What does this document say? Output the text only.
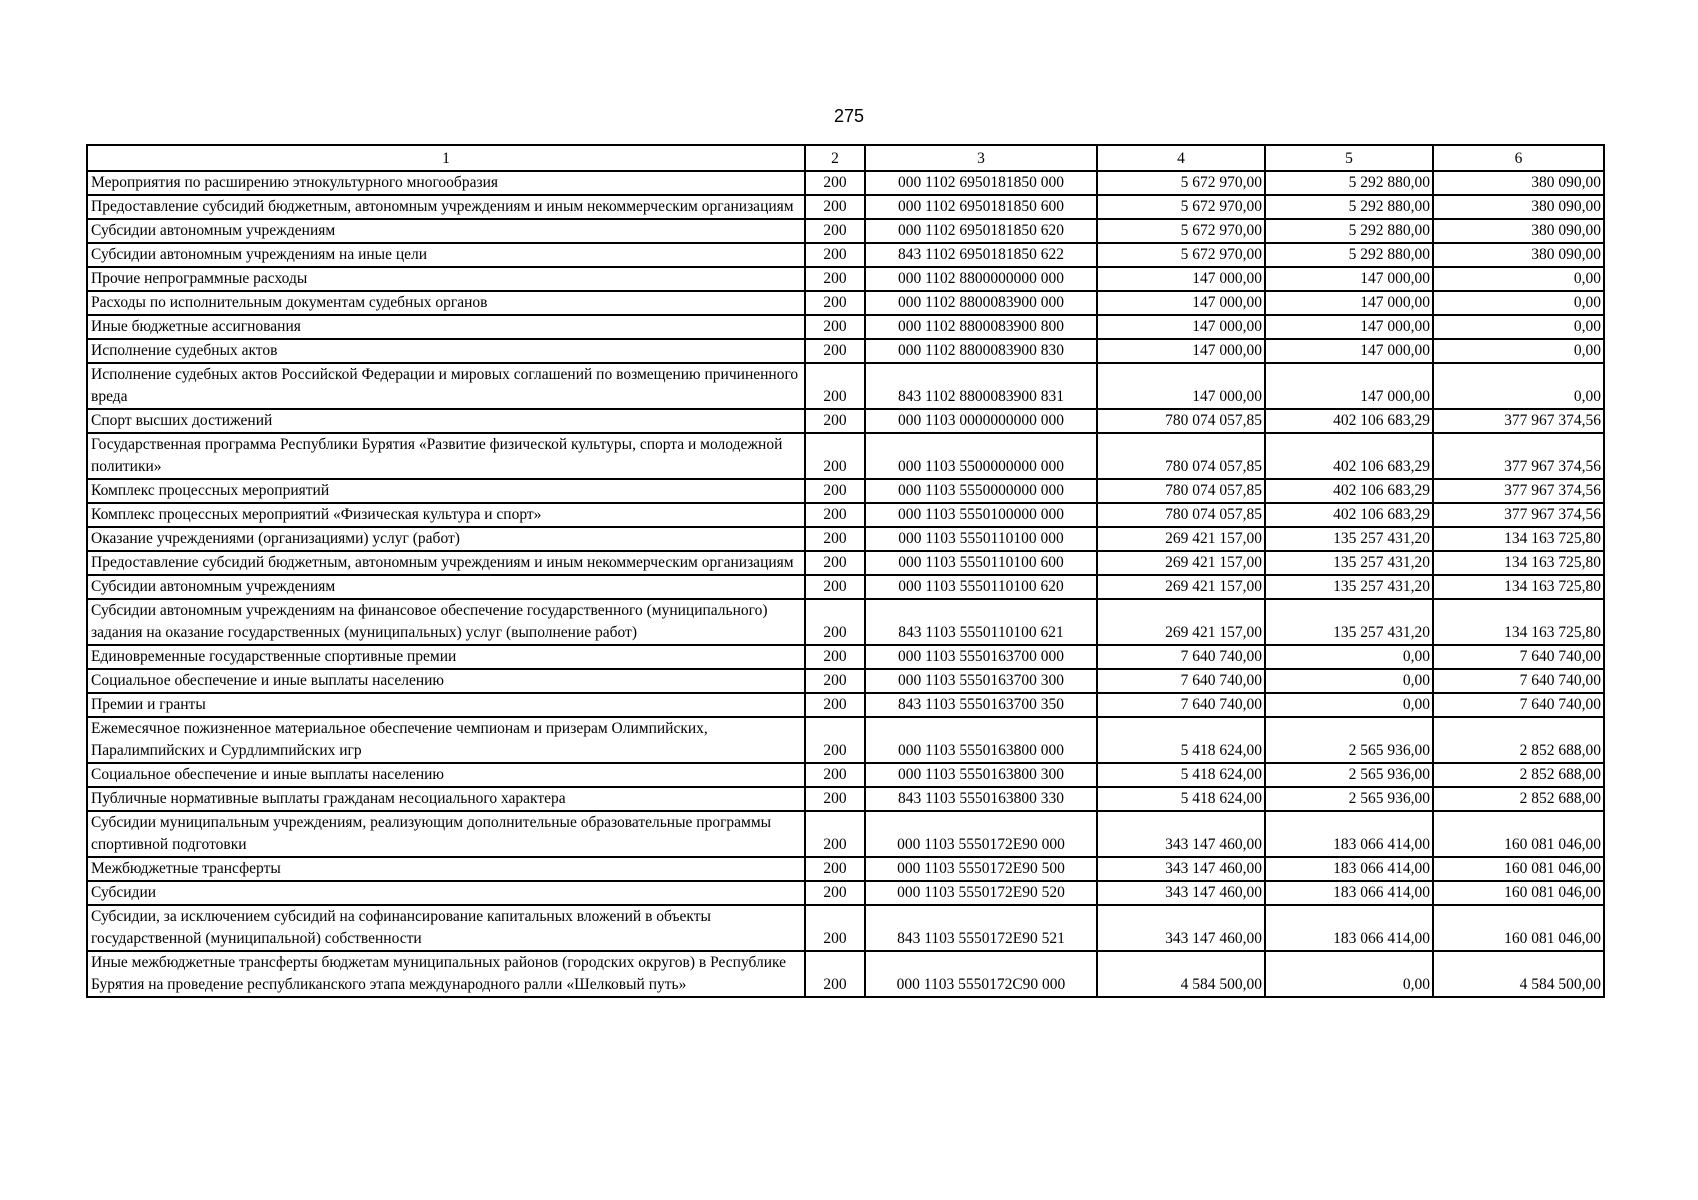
275
1	2	3	4	5	6
Мероприятия по расширению этнокультурного многообразия	200	000 1102 6950181850 000	5 672 970,00	5 292 880,00	380 090,00
Предоставление субсидий бюджетным, автономным учреждениям и иным некоммерческим организациям	200	000 1102 6950181850 600	5 672 970,00	5 292 880,00	380 090,00
Субсидии автономным учреждениям	200	000 1102 6950181850 620	5 672 970,00	5 292 880,00	380 090,00
Субсидии автономным учреждениям на иные цели	200	843 1102 6950181850 622	5 672 970,00	5 292 880,00	380 090,00
Прочие непрограммные расходы	200	000 1102 8800000000 000	147 000,00	147 000,00	0,00
Расходы по исполнительным документам судебных органов	200	000 1102 8800083900 000	147 000,00	147 000,00	0,00
Иные бюджетные ассигнования	200	000 1102 8800083900 800	147 000,00	147 000,00	0,00
Исполнение судебных актов	200	000 1102 8800083900 830	147 000,00	147 000,00	0,00
Исполнение судебных актов Российской Федерации и мировых соглашений по возмещению причиненного вреда	200	843 1102 8800083900 831	147 000,00	147 000,00	0,00
Спорт высших достижений	200	000 1103 0000000000 000	780 074 057,85	402 106 683,29	377 967 374,56
Государственная программа Республики Бурятия «Развитие физической культуры, спорта и молодежной политики»	200	000 1103 5500000000 000	780 074 057,85	402 106 683,29	377 967 374,56
Комплекс процессных мероприятий	200	000 1103 5550000000 000	780 074 057,85	402 106 683,29	377 967 374,56
Комплекс процессных мероприятий «Физическая культура и спорт»	200	000 1103 5550100000 000	780 074 057,85	402 106 683,29	377 967 374,56
Оказание учреждениями (организациями) услуг (работ)	200	000 1103 5550110100 000	269 421 157,00	135 257 431,20	134 163 725,80
Предоставление субсидий бюджетным, автономным учреждениям и иным некоммерческим организациям	200	000 1103 5550110100 600	269 421 157,00	135 257 431,20	134 163 725,80
Субсидии автономным учреждениям	200	000 1103 5550110100 620	269 421 157,00	135 257 431,20	134 163 725,80
Субсидии автономным учреждениям на финансовое обеспечение государственного (муниципального) задания на оказание государственных (муниципальных) услуг (выполнение работ)	200	843 1103 5550110100 621	269 421 157,00	135 257 431,20	134 163 725,80
Единовременные государственные спортивные премии	200	000 1103 5550163700 000	7 640 740,00	0,00	7 640 740,00
Социальное обеспечение и иные выплаты населению	200	000 1103 5550163700 300	7 640 740,00	0,00	7 640 740,00
Премии и гранты	200	843 1103 5550163700 350	7 640 740,00	0,00	7 640 740,00
Ежемесячное пожизненное материальное обеспечение чемпионам и призерам Олимпийских, Паралимпийских и Сурдлимпийских игр	200	000 1103 5550163800 000	5 418 624,00	2 565 936,00	2 852 688,00
Социальное обеспечение и иные выплаты населению	200	000 1103 5550163800 300	5 418 624,00	2 565 936,00	2 852 688,00
Публичные нормативные выплаты гражданам несоциального характера	200	843 1103 5550163800 330	5 418 624,00	2 565 936,00	2 852 688,00
Субсидии муниципальным учреждениям, реализующим дополнительные образовательные программы спортивной подготовки	200	000 1103 5550172E90 000	343 147 460,00	183 066 414,00	160 081 046,00
Межбюджетные трансферты	200	000 1103 5550172E90 500	343 147 460,00	183 066 414,00	160 081 046,00
Субсидии	200	000 1103 5550172E90 520	343 147 460,00	183 066 414,00	160 081 046,00
Субсидии, за исключением субсидий на софинансирование капитальных вложений в объекты государственной (муниципальной) собственности	200	843 1103 5550172E90 521	343 147 460,00	183 066 414,00	160 081 046,00
Иные межбюджетные трансферты бюджетам муниципальных районов (городских округов) в Республике Бурятия на проведение республиканского этапа международного ралли «Шелковый путь»	200	000 1103 5550172C90 000	4 584 500,00	0,00	4 584 500,00
